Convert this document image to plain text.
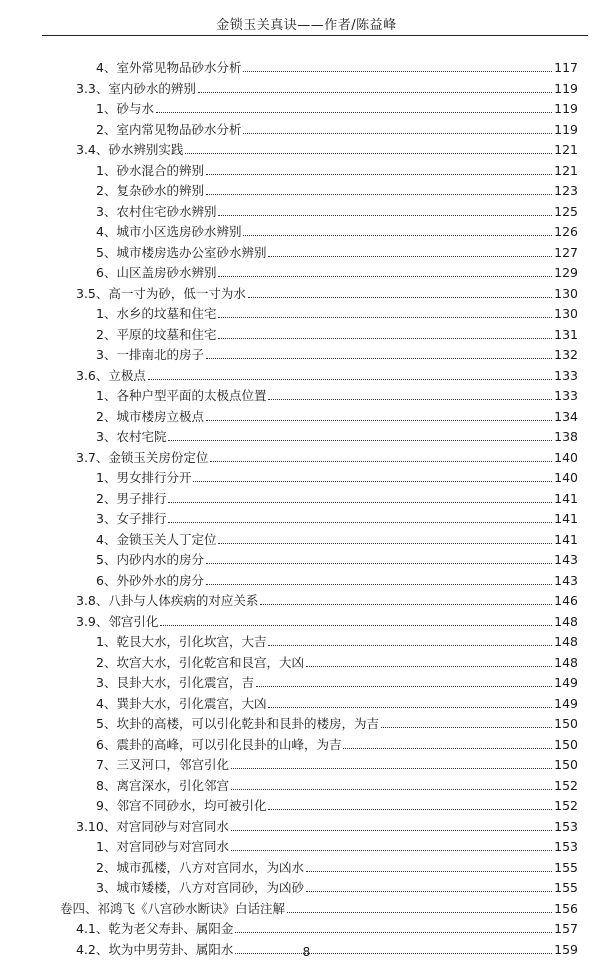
金锁玉关真诀——作者/陈益峰
4、室外常见物品砂水分析	117
3.3、室内砂水的辨别	119
1、砂与水	119
2、室内常见物品砂水分析	119
3.4、砂水辨别实践	121
1、砂水混合的辨别	121
2、复杂砂水的辨别	123
3、农村住宅砂水辨别	125
4、城市小区选房砂水辨别	126
5、城市楼房选办公室砂水辨别	127
6、山区盖房砂水辨别	129
3.5、高一寸为砂，低一寸为水	130
1、水乡的坟墓和住宅	130
2、平原的坟墓和住宅	131
3、一排南北的房子	132
3.6、立极点	133
1、各种户型平面的太极点位置	133
2、城市楼房立极点	134
3、农村宅院	138
3.7、金锁玉关房份定位	140
1、男女排行分开	140
2、男子排行	141
3、女子排行	141
4、金锁玉关人丁定位	141
5、内砂内水的房分	143
6、外砂外水的房分	143
3.8、八卦与人体疾病的对应关系	146
3.9、邻宫引化	148
1、乾艮大水，引化坎宫，大吉	148
2、坎宫大水，引化乾宫和艮宫，大凶	148
3、艮卦大水，引化震宫，吉	149
4、巽卦大水，引化震宫，大凶	149
5、坎卦的高楼，可以引化乾卦和艮卦的楼房，为吉	150
6、震卦的高峰，可以引化艮卦的山峰，为吉	150
7、三叉河口，邻宫引化	150
8、离宫深水，引化邻宫	152
9、邻宫不同砂水，均可被引化	152
3.10、对宫同砂与对宫同水	153
1、对宫同砂与对宫同水	153
2、城市孤楼，八方对宫同水，为凶水	155
3、城市矮楼，八方对宫同砂，为凶砂	155
卷四、祁鸿飞《八宫砂水断诀》白话注解	156
4.1、乾为老父寿卦、属阳金	157
4.2、坎为中男劳卦、属阳水	159
8
